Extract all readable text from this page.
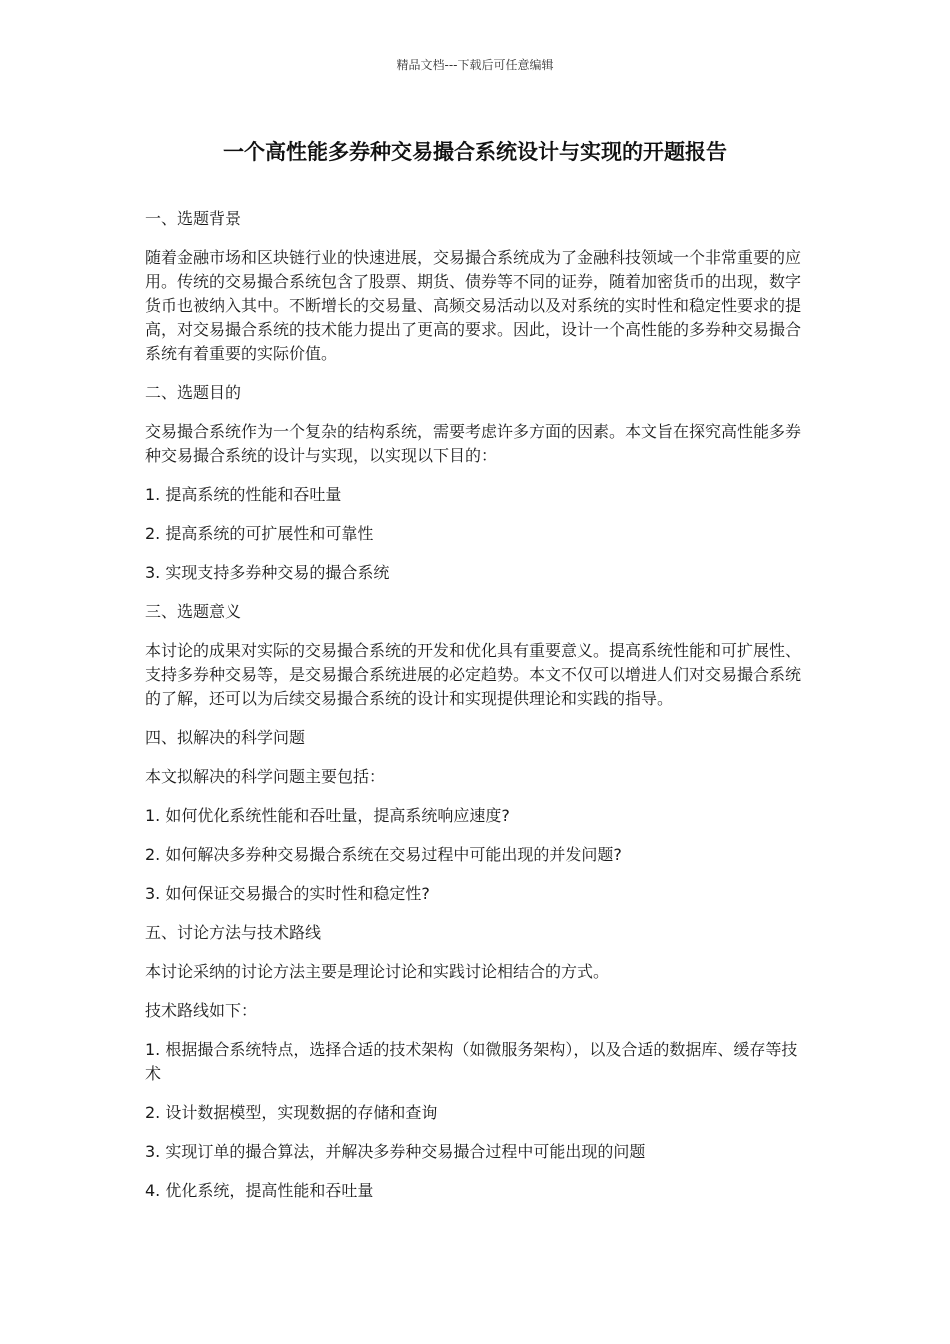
精品文档---下载后可任意编辑
一个高性能多券种交易撮合系统设计与实现的开题报告
一、选题背景
随着金融市场和区块链行业的快速进展，交易撮合系统成为了金融科技领域一个非常重要的应用。传统的交易撮合系统包含了股票、期货、债券等不同的证券，随着加密货币的出现，数字货币也被纳入其中。不断增长的交易量、高频交易活动以及对系统的实时性和稳定性要求的提高，对交易撮合系统的技术能力提出了更高的要求。因此，设计一个高性能的多券种交易撮合系统有着重要的实际价值。
二、选题目的
交易撮合系统作为一个复杂的结构系统，需要考虑许多方面的因素。本文旨在探究高性能多券种交易撮合系统的设计与实现，以实现以下目的：
1. 提高系统的性能和吞吐量
2. 提高系统的可扩展性和可靠性
3. 实现支持多券种交易的撮合系统
三、选题意义
本讨论的成果对实际的交易撮合系统的开发和优化具有重要意义。提高系统性能和可扩展性、支持多券种交易等，是交易撮合系统进展的必定趋势。本文不仅可以增进人们对交易撮合系统的了解，还可以为后续交易撮合系统的设计和实现提供理论和实践的指导。
四、拟解决的科学问题
本文拟解决的科学问题主要包括：
1. 如何优化系统性能和吞吐量，提高系统响应速度?
2. 如何解决多券种交易撮合系统在交易过程中可能出现的并发问题?
3. 如何保证交易撮合的实时性和稳定性?
五、讨论方法与技术路线
本讨论采纳的讨论方法主要是理论讨论和实践讨论相结合的方式。
技术路线如下：
1. 根据撮合系统特点，选择合适的技术架构（如微服务架构），以及合适的数据库、缓存等技术
2. 设计数据模型，实现数据的存储和查询
3. 实现订单的撮合算法，并解决多券种交易撮合过程中可能出现的问题
4. 优化系统，提高性能和吞吐量
